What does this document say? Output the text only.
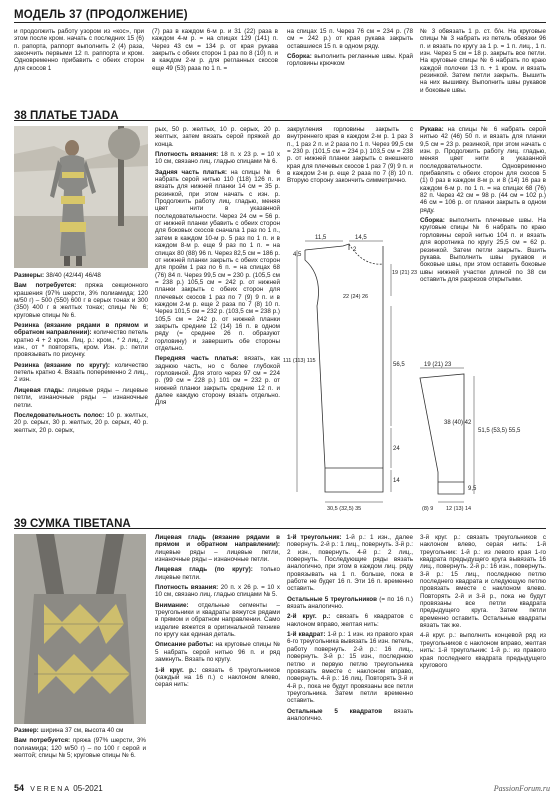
МОДЕЛЬ 37 (ПРОДОЛЖЕНИЕ)

и продолжить работу узором из «кос», при этом после кром. начать с последних 15 (6) п. рапорта, раппорт выполнить 2 (4) раза, закончить первыми 12 п. раппорта и кром. Одновременно прибавить с обеих сторон для скосов 1

(7) раз в каждом 6-м р. и 31 (22) раза в каждом 4-м р. = на спицах 129 (141) п. Через 43 см = 134 р. от края рукава закрыть с обеих сторон 1 раз по 8 (10) п. и в каждом 2-м р. для регланных скосов еще 49 (53) раза по 1 п. =

на спицах 15 п. Через 76 см = 234 р. (78 см = 242 р.) от края рукава закрыть оставшиеся 15 п. в одном ряду.

Сборка: выполнить регланные швы. Край горловины крючком

№ 3 обвязать 1 р. ст. б/н. На круговые спицы № 3 набрать из петель обвязки 96 п. и вязать по кругу за 1 р. = 1 п. лиц., 1 п. изн. Через 5 см = 18 р. закрыть все петли. На круговые спицы № 6 набрать по краю каждой полочки 13 п. + 1 кром. и вязать резинкой. Затем петли закрыть. Вышить на них вышивку. Выполнить швы рукавов и боковые швы.

38 ПЛАТЬЕ TJADA

Размеры: 38/40 (42/44) 46/48

Вам потребуется: пряжа секционного крашения (97% шерсти, 3% полиамида; 120 м/50 г) – 500 (550) 600 г в серых тонах и 300 (350) 400 г в желтых тонах; спицы № 6; круговые спицы № 6.

Резинка (вязание рядами в прямом и обратном направлении): количество петель кратно 4 + 2 кром. Лиц. р.: кром., * 2 лиц., 2 изн., от * повторять, кром. Изн. р.: петли провязывать по рисунку.

Резинка (вязание по кругу): количество петель кратно 4. Вязать попеременно 2 лиц., 2 изн.

Лицевая гладь: лицевые ряды – лицевые петли, изнаночные ряды – изнаночные петли.

Последовательность полос: 10 р. желтых, 20 р. серых, 30 р. желтых, 20 р. серых, 40 р. желтых, 20 р. серых,

рых, 50 р. желтых, 10 р. серых, 20 р. желтых, затем вязать серой пряжей до конца.

Плотность вязания: 18 п. x 23 р. = 10 x 10 см, связано лиц. гладью спицами № 6.

Задняя часть платья: на спицы № 6 набрать серой нитью 110 (118) 126 п. и вязать для нижней планки 14 см = 35 р. резинкой, при этом начать с изн. р. Продолжить работу лиц. гладью, меняя цвет нити в указанной последовательности. Через 24 см = 56 р. от нижней планки убавить с обеих сторон для боковых скосов сначала 1 раз по 1 п., затем в каждом 10-м р. 5 раз по 1 п. и в каждом 8-м р. еще 9 раз по 1 п. = на спицах 80 (88) 96 п. Через 82,5 см = 186 р. от нижней планки закрыть с обеих сторон для пройм 1 раз по 6 п. = на спицах 68 (76) 84 п. Через 99,5 см = 230 р. (105,5 см = 238 р.) 105,5 см = 242 р. от нижней планки закрыть с обеих сторон для плечевых скосов 1 раз по 7 (9) 9 п. и в каждом 2-м р. еще 2 раза по 7 (8) 10 п. Через 101,5 см = 232 р. (103,5 см = 238 р.) 105,5 см = 242 р. от нижней планки закрыть средние 12 (14) 16 п. в одном ряду (= среднее 26 п. образуют горловину) и завершить обе стороны отдельно.

Передняя часть платья: вязать, как заднюю часть, но с более глубокой горловиной. Для этого через 97 см = 224 р. (99 см = 228 р.) 101 см = 232 р. от нижней планки закрыть средние 12 п. и далее каждую сторону вязать отдельно. Для

закругления горловины закрыть с внутреннего края в каждом 2-м р. 1 раз 3 п., 1 раз 2 п. и 2 раза по 1 п. Через 99,5 см = 230 р. (101,5 см = 234 р.) 103,5 см = 238 р. от нижней планки закрыть с внешнего края для плечевых скосов 1 раз 7 (9) 9 п. и в каждом 2-м р. еще 2 раза по 7 (8) 10 п. Вторую сторону закончить симметрично.

Рукава: на спицы № 6 набрать серой нитью 42 (46) 50 п. и вязать для планки 9,5 см = 23 р. резинкой, при этом начать с изн. р. Продолжить работу лиц. гладью, меняя цвет нити в указанной последовательности. Одновременно прибавлять с обеих сторон для скосов 5 (1) 0 раз в каждом 8-м р. и 8 (14) 16 раз в каждом 6-м р. по 1 п. = на спицах 68 (76) 82 п. Через 42 см = 98 р. (44 см = 102 р.) 46 см = 106 р. от планки закрыть в одном ряду.

Сборка: выполнить плечевые швы. На круговые спицы № 6 набрать по краю горловины серой нитью 104 п. и вязать для воротника по кругу 25,5 см = 62 р. резинкой. Затем петли закрыть. Вшить рукава. Выполнить швы рукавов и боковые швы, при этом оставить боковые швы нижней участки длиной по 38 см оставить для разрезов открытыми.

11,5	14,5
4,5
2
19 (21) 23
56,5
111 (113) 115
24
14
30,5 (32,5) 35
22 (24) 26
19 (21) 23
51,5 (53,5) 55,5
38 (40) 42
9,5
12 (13) 14
(8) 9
39 СУМКА TIBETANA

Размер: ширина 37 см, высота 40 см

Вам потребуется: пряжа (97% шерсти, 3% полиамида; 120 м/50 г) – по 100 г серой и желтой; спицы № 5; круговые спицы № 6.

Лицевая гладь (вязание рядами в прямом и обратном направлении): лицевые ряды – лицевые петли, изнаночные ряды – изнаночные петли.

Лицевая гладь (по кругу): только лицевые петли.

Плотность вязания: 20 п. x 26 р. = 10 x 10 см, связано лиц. гладью спицами № 5.

Внимание: отдельные сегменты – треугольники и квадраты вяжутся рядами в прямом и обратном направлении. Само изделие вяжется в оригинальной технике по кругу как единая деталь.

Описание работы: на круговые спицы № 5 набрать серой нитью 96 п. и ряд замкнуть. Вязать по кругу.

1-й круг. р.: связать 6 треугольников (каждый на 16 п.) с наклоном влево, серая нить:

1-й треугольник: 1-й р.: 1 изн., далее повернуть. 2-й р.: 1 лиц., повернуть. 3-й р.: 2 изн., повернуть. 4-й р.: 2 лиц., повернуть. Последующие ряды вязать аналогично, при этом в каждом лиц. ряду провязывать на 1 п. больше, пока в работе не будет 16 п. Эти 16 п. временно оставить.

Остальные 5 треугольников (= по 16 п.) вязать аналогично.

2-й круг. р.: связать 6 квадратов с наклоном вправо, желтая нить:

1-й квадрат: 1-й р.: 1 изн. из правого края 6-го треугольника вывязать 16 изн. петель, работу повернуть. 2-й р.: 16 лиц., повернуть. 3-й р.: 15 изн., последнюю петлю и первую петлю треугольника провязать вместе с наклоном вправо, повернуть. 4-й р.: 16 лиц. Повторять 3-й и 4-й р., пока не будут провязаны все петли треугольника. Затем петли временно оставить.

Остальные 5 квадратов вязать аналогично.

3-й круг. р.: связать треугольников с наклоном влево, серая нить: 1-й треугольник: 1-й р.: из левого края 1-го квадрата предыдущего круга вывязать 16 лиц., повернуть. 2-й р.: 16 изн., повернуть. 3-й р.: 15 лиц., последнюю петлю последнего квадрата и следующую петлю провязать вместе с наклоном влево. Повторять 2-й и 3-й р., пока не будут провязаны все петли квадрата предыдущего круга. Затем петли временно оставить. Остальные квадраты вязать так же.

4-й круг. р.: выполнить концевой ряд из треугольников с наклоном вправо, желтая нить: 1-й треугольник: 1-й р.: из правого края последнего квадрата предыдущего кругового

54 VERENA 05-2021	PassionForum.ru
